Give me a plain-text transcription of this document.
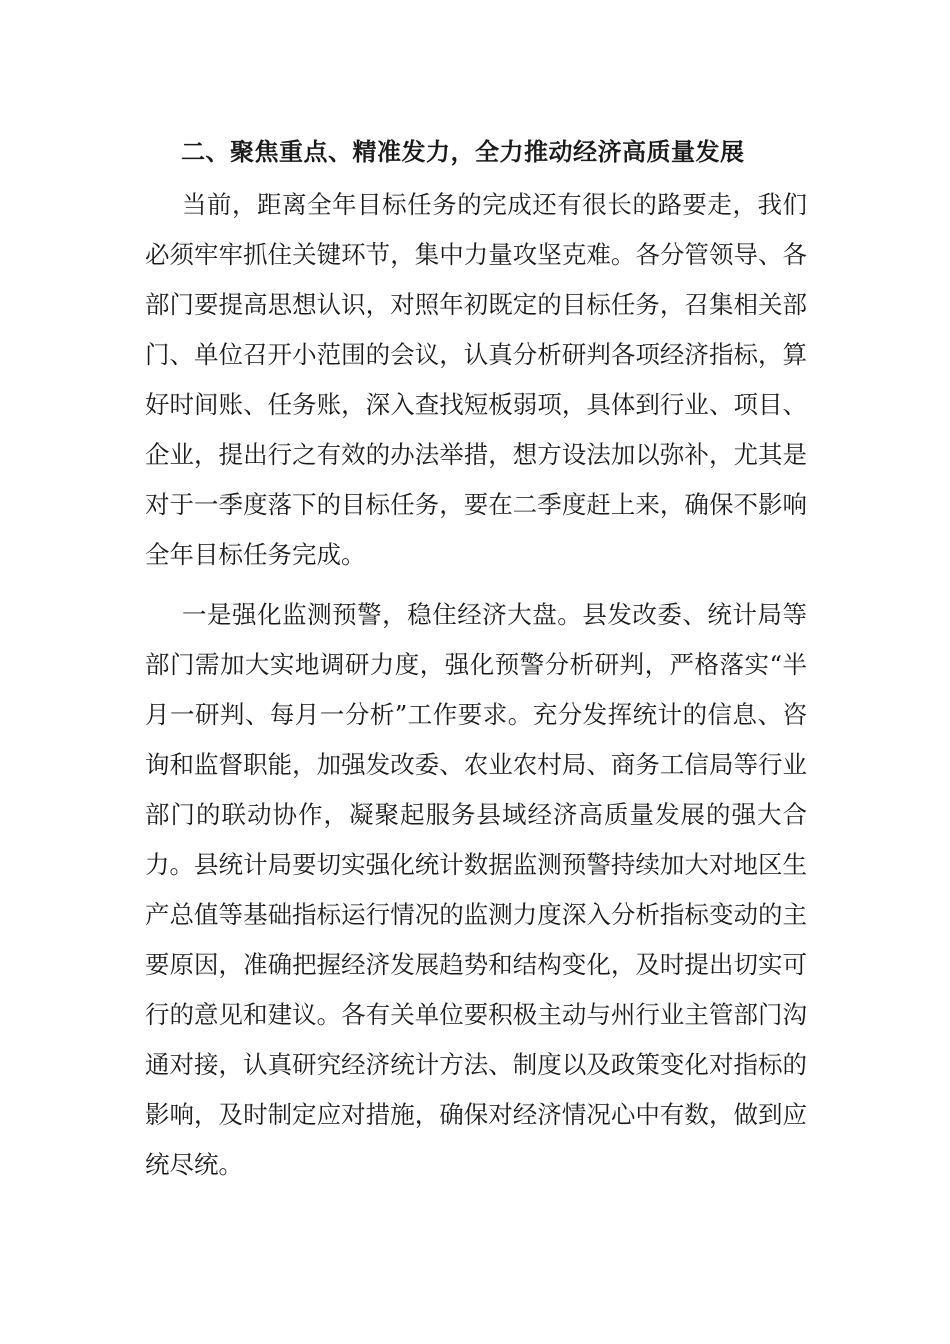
二、聚焦重点、精准发力，全力推动经济高质量发展

当前，距离全年目标任务的完成还有很长的路要走，我们必须牢牢抓住关键环节，集中力量攻坚克难。各分管领导、各部门要提高思想认识，对照年初既定的目标任务，召集相关部门、单位召开小范围的会议，认真分析研判各项经济指标，算好时间账、任务账，深入查找短板弱项，具体到行业、项目、企业，提出行之有效的办法举措，想方设法加以弥补，尤其是对于一季度落下的目标任务，要在二季度赶上来，确保不影响全年目标任务完成。

一是强化监测预警，稳住经济大盘。县发改委、统计局等部门需加大实地调研力度，强化预警分析研判，严格落实“半月一研判、每月一分析”工作要求。充分发挥统计的信息、咨询和监督职能，加强发改委、农业农村局、商务工信局等行业部门的联动协作，凝聚起服务县域经济高质量发展的强大合力。县统计局要切实强化统计数据监测预警持续加大对地区生产总值等基础指标运行情况的监测力度深入分析指标变动的主要原因，准确把握经济发展趋势和结构变化，及时提出切实可行的意见和建议。各有关单位要积极主动与州行业主管部门沟通对接，认真研究经济统计方法、制度以及政策变化对指标的影响，及时制定应对措施，确保对经济情况心中有数，做到应统尽统。
